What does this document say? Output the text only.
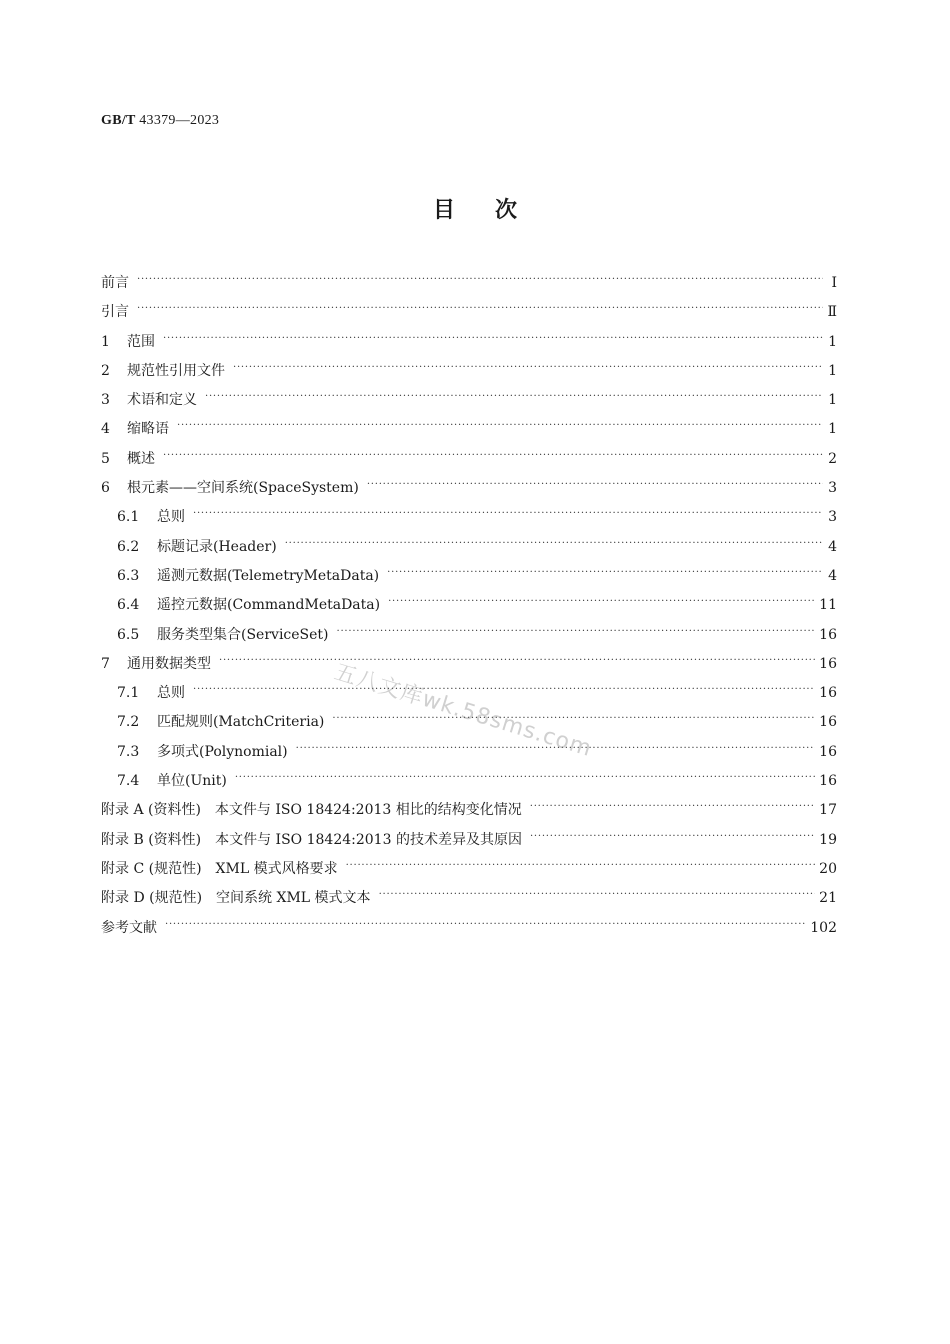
GB/T 43379—2023
目次
前言 . . .	Ⅰ
引言 . . .	Ⅱ
1	范围 . . .	1
2	规范性引用文件 . . .	1
3	术语和定义 . . .	1
4	缩略语 . . .	1
5	概述 . . .	2
6	根元素——空间系统(SpaceSystem) . . .	3
6.1	总则 . . .	3
6.2	标题记录(Header) . . .	4
6.3	遥测元数据(TelemetryMetaData) . . .	4
6.4	遥控元数据(CommandMetaData) . . .	11
6.5	服务类型集合(ServiceSet) . . .	16
7	通用数据类型 . . .	16
7.1	总则 . . .	16
7.2	匹配规则(MatchCriteria) . . .	16
7.3	多项式(Polynomial) . . .	16
7.4	单位(Unit) . . .	16
附录 A (资料性)　本文件与 ISO 18424:2013 相比的结构变化情况 . . .	17
附录 B (资料性)　本文件与 ISO 18424:2013 的技术差异及其原因 . . .	19
附录 C (规范性)　XML 模式风格要求 . . .	20
附录 D (规范性)　空间系统 XML 模式文本 . . .	21
参考文献 . . .	102
五八文库wk.58sms.com
